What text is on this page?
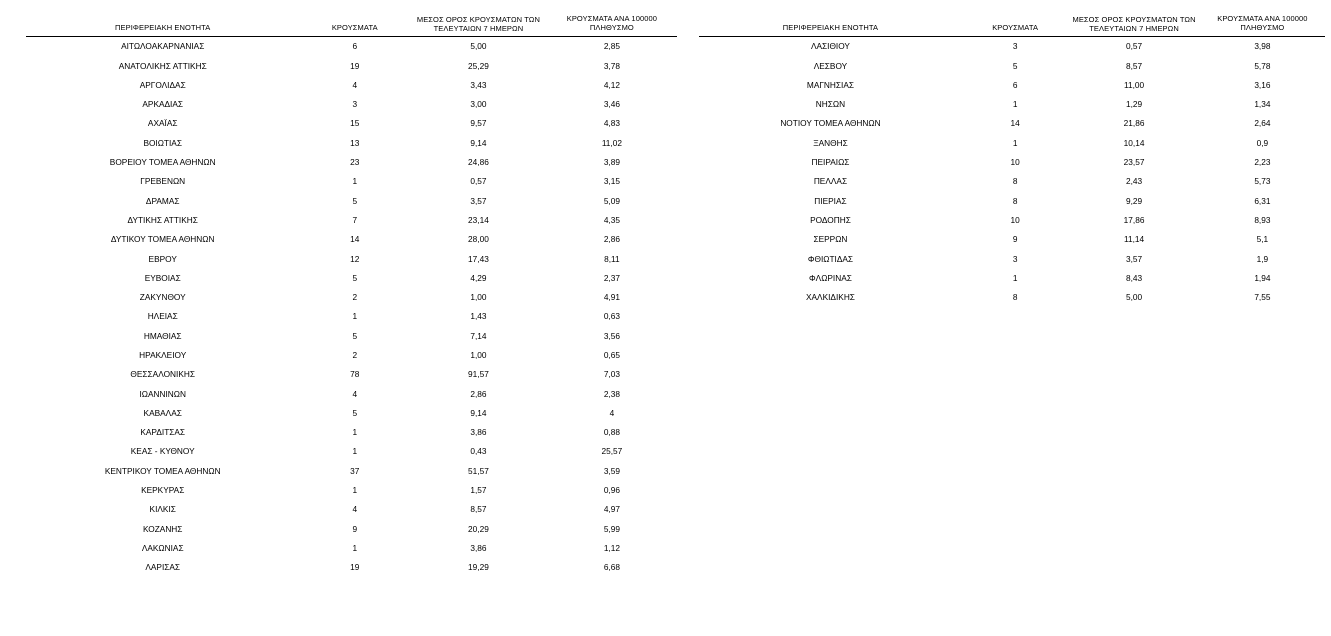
ΠΕΡΙΦΕΡΕΙΑΚΗ ΕΝΟΤΗΤΑ	ΚΡΟΥΣΜΑΤΑ	ΜΕΣΟΣ ΟΡΟΣ ΚΡΟΥΣΜΑΤΩΝ ΤΩΝ
ΤΕΛΕΥΤΑΙΩΝ 7 ΗΜΕΡΩΝ	ΚΡΟΥΣΜΑΤΑ ΑΝΑ 100000 ΠΛΗΘΥΣΜΟ
ΑΙΤΩΛΟΑΚΑΡΝΑΝΙΑΣ	6	5,00	2,85
ΑΝΑΤΟΛΙΚΗΣ ΑΤΤΙΚΗΣ	19	25,29	3,78
ΑΡΓΟΛΙΔΑΣ	4	3,43	4,12
ΑΡΚΑΔΙΑΣ	3	3,00	3,46
ΑΧΑΪΑΣ	15	9,57	4,83
ΒΟΙΩΤΙΑΣ	13	9,14	11,02
ΒΟΡΕΙΟΥ ΤΟΜΕΑ ΑΘΗΝΩΝ	23	24,86	3,89
ΓΡΕΒΕΝΩΝ	1	0,57	3,15
ΔΡΑΜΑΣ	5	3,57	5,09
ΔΥΤΙΚΗΣ ΑΤΤΙΚΗΣ	7	23,14	4,35
ΔΥΤΙΚΟΥ ΤΟΜΕΑ ΑΘΗΝΩΝ	14	28,00	2,86
ΕΒΡΟΥ	12	17,43	8,11
ΕΥΒΟΙΑΣ	5	4,29	2,37
ΖΑΚΥΝΘΟΥ	2	1,00	4,91
ΗΛΕΙΑΣ	1	1,43	0,63
ΗΜΑΘΙΑΣ	5	7,14	3,56
ΗΡΑΚΛΕΙΟΥ	2	1,00	0,65
ΘΕΣΣΑΛΟΝΙΚΗΣ	78	91,57	7,03
ΙΩΑΝΝΙΝΩΝ	4	2,86	2,38
ΚΑΒΑΛΑΣ	5	9,14	4
ΚΑΡΔΙΤΣΑΣ	1	3,86	0,88
ΚΕΑΣ - ΚΥΘΝΟΥ	1	0,43	25,57
ΚΕΝΤΡΙΚΟΥ ΤΟΜΕΑ ΑΘΗΝΩΝ	37	51,57	3,59
ΚΕΡΚΥΡΑΣ	1	1,57	0,96
ΚΙΛΚΙΣ	4	8,57	4,97
ΚΟΖΑΝΗΣ	9	20,29	5,99
ΛΑΚΩΝΙΑΣ	1	3,86	1,12
ΛΑΡΙΣΑΣ	19	19,29	6,68
ΠΕΡΙΦΕΡΕΙΑΚΗ ΕΝΟΤΗΤΑ	ΚΡΟΥΣΜΑΤΑ	ΜΕΣΟΣ ΟΡΟΣ ΚΡΟΥΣΜΑΤΩΝ ΤΩΝ
ΤΕΛΕΥΤΑΙΩΝ 7 ΗΜΕΡΩΝ	ΚΡΟΥΣΜΑΤΑ ΑΝΑ 100000 ΠΛΗΘΥΣΜΟ
ΛΑΣΙΘΙΟΥ	3	0,57	3,98
ΛΕΣΒΟΥ	5	8,57	5,78
ΜΑΓΝΗΣΙΑΣ	6	11,00	3,16
ΝΗΣΩΝ	1	1,29	1,34
ΝΟΤΙΟΥ ΤΟΜΕΑ ΑΘΗΝΩΝ	14	21,86	2,64
ΞΑΝΘΗΣ	1	10,14	0,9
ΠΕΙΡΑΙΩΣ	10	23,57	2,23
ΠΕΛΛΑΣ	8	2,43	5,73
ΠΙΕΡΙΑΣ	8	9,29	6,31
ΡΟΔΟΠΗΣ	10	17,86	8,93
ΣΕΡΡΩΝ	9	11,14	5,1
ΦΘΙΩΤΙΔΑΣ	3	3,57	1,9
ΦΛΩΡΙΝΑΣ	1	8,43	1,94
ΧΑΛΚΙΔΙΚΗΣ	8	5,00	7,55
